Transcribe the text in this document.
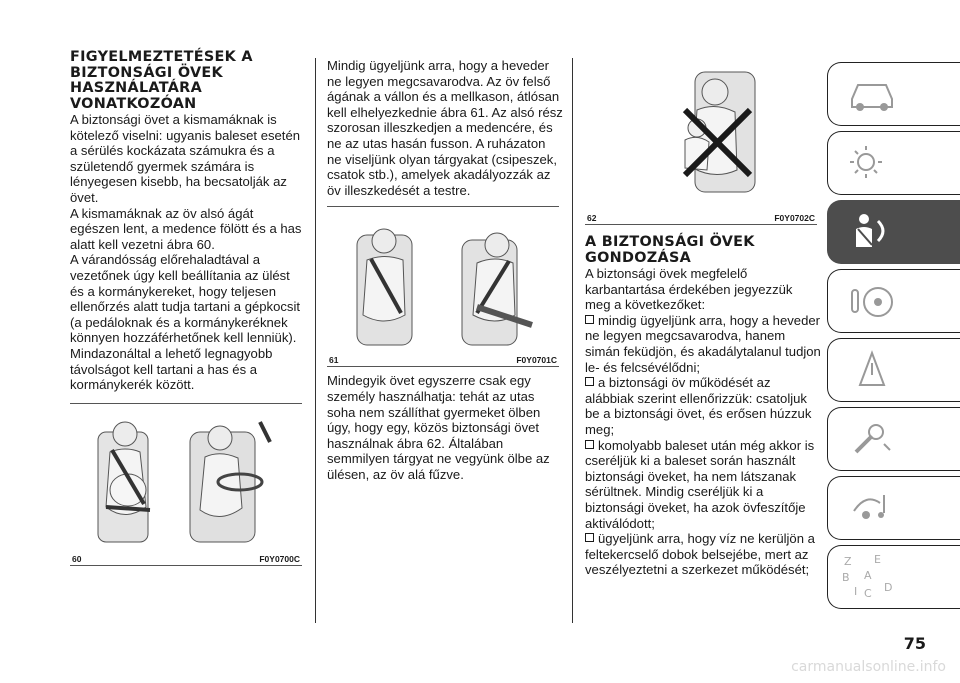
FIGYELMEZTETÉSEK A BIZTONSÁGI ÖVEK HASZNÁLATÁRA VONATKOZÓAN

A biztonsági övet a kismamáknak is kötelező viselni: ugyanis baleset esetén a sérülés kockázata számukra és a születendő gyermek számára is lényegesen kisebb, ha becsatolják az övet.

A kismamáknak az öv alsó ágát egészen lent, a medence fölött és a has alatt kell vezetni ábra 60.

A várandósság előrehaladtával a vezetőnek úgy kell beállítania az ülést és a kormánykereket, hogy teljesen ellenőrzés alatt tudja tartani a gépkocsit (a pedáloknak és a kormánykeréknek könnyen hozzáférhetőnek kell lenniük). Mindazonáltal a lehető legnagyobb távolságot kell tartani a has és a kormánykerék között.

60	F0Y0700C

Mindig ügyeljünk arra, hogy a heveder ne legyen megcsavarodva. Az öv felső ágának a vállon és a mellkason, átlósan kell elhelyezkednie ábra 61. Az alsó rész szorosan illeszkedjen a medencére, és ne az utas hasán fusson. A ruházaton ne viseljünk olyan tárgyakat (csipeszek, csatok stb.), amelyek akadályozzák az öv illeszkedését a testre.

61	F0Y0701C

Mindegyik övet egyszerre csak egy személy használhatja: tehát az utas soha nem szállíthat gyermeket ölben úgy, hogy egy, közös biztonsági övet használnak ábra 62. Általában semmilyen tárgyat ne vegyünk ölbe az ülésen, az öv alá fűzve.

62	F0Y0702C
A BIZTONSÁGI ÖVEK GONDOZÁSA

A biztonsági övek megfelelő karbantartása érdekében jegyezzük meg a következőket:

mindig ügyeljünk arra, hogy a heveder ne legyen megcsavarodva, hanem simán feküdjön, és akadálytalanul tudjon le- és felcsévélődni;
a biztonsági öv működését az alábbiak szerint ellenőrizzük: csatoljuk be a biztonsági övet, és erősen húzzuk meg;
komolyabb baleset után még akkor is cseréljük ki a baleset során használt biztonsági öveket, ha nem látszanak sérültnek. Mindig cseréljük ki a biztonsági öveket, ha azok övfeszítője aktiválódott;
ügyeljünk arra, hogy víz ne kerüljön a feltekercselő dobok belsejébe, mert az veszélyeztetni a szerkezet működését;
Z E
B A
I C D
75
carmanualsonline.info
